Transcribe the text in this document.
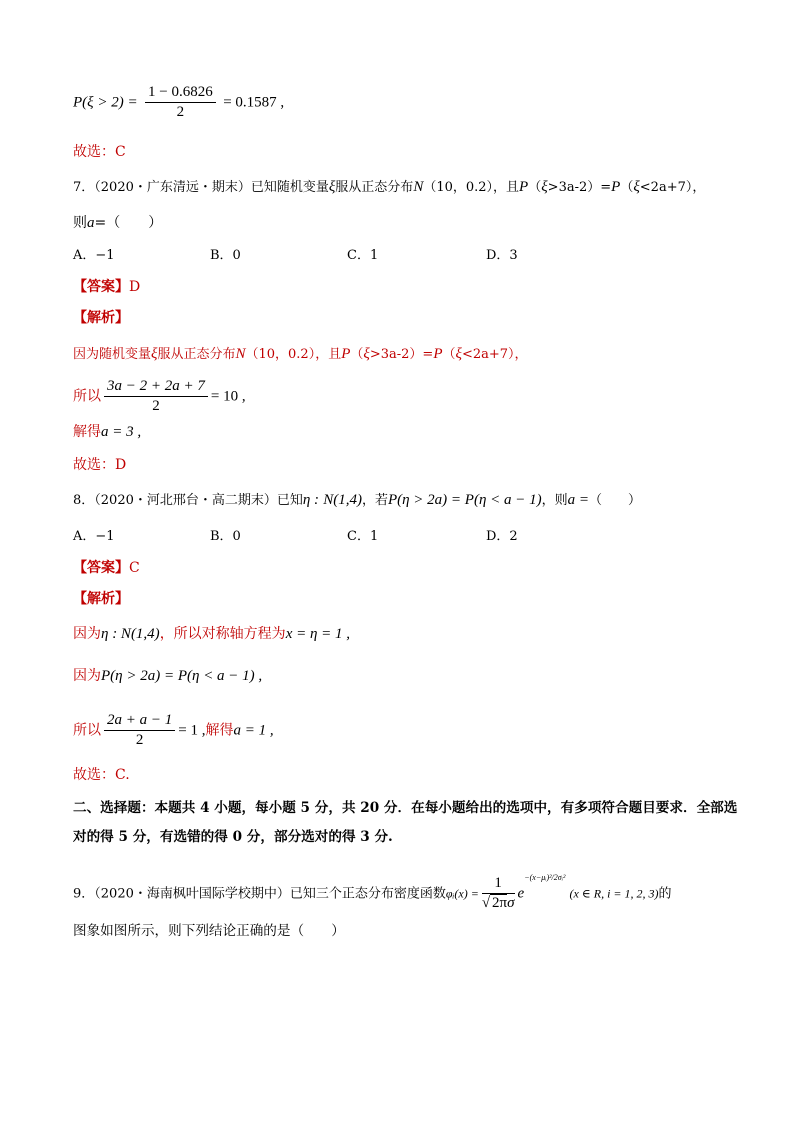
$P(\xi > 2) = \frac{1 - 0.6826}{2} = 0.1587$ ,
故选：C
7．（2020・广东清远・期末）已知随机变量ξ服从正态分布N（10，0.2），且P（ξ>3a-2）=P（ξ<2a+7），
则a=（　　）
A．−1	B．0	C．1	D．3
【答案】D
【解析】
因为随机变量ξ服从正态分布N（10，0.2），且P（ξ>3a-2）=P（ξ<2a+7），
所以 $\frac{3a - 2 + 2a + 7}{2} = 10$ ,
解得a = 3 ,
故选：D
8．（2020・河北邢台・高二期末）已知η : N(1,4)，若P(η > 2a) = P(η < a − 1)，则a =（　　）
A．−1	B．0	C．1	D．2
【答案】C
【解析】
因为η : N(1,4)，所以对称轴方程为x = η = 1 ,
因为P(η > 2a) = P(η < a − 1) ,
所以 $\frac{2a + a - 1}{2} = 1$ ,解得a = 1 ,
故选：C.
二、选择题：本题共 4 小题，每小题 5 分，共 20 分．在每小题给出的选项中，有多项符合题目要求．全部选
对的得 5 分，有选错的得 0 分，部分选对的得 3 分.
9．（2020・海南枫叶国际学校期中）已知三个正态分布密度函数φᵢ(x) = $\frac{1}{√ 2\pi\sigma} e^{-(x-\mu ᵢ)^2/2\sigma ᵢ^2}$ (x ∈ R, i = 1, 2, 3)的
图象如图所示，则下列结论正确的是（　　）
